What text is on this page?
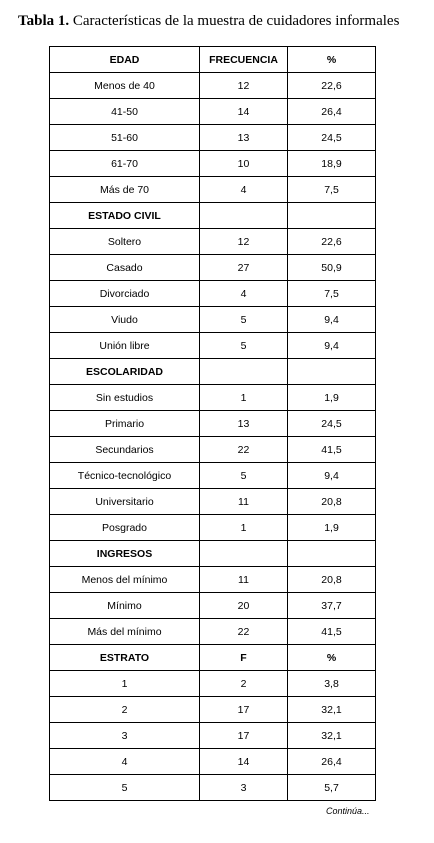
Tabla 1. Características de la muestra de cuidadores informales
EDAD	FRECUENCIA	%
Menos de 40	12	22,6
41-50	14	26,4
51-60	13	24,5
61-70	10	18,9
Más de 70	4	7,5
ESTADO CIVIL		
Soltero	12	22,6
Casado	27	50,9
Divorciado	4	7,5
Viudo	5	9,4
Unión libre	5	9,4
ESCOLARIDAD		
Sin estudios	1	1,9
Primario	13	24,5
Secundarios	22	41,5
Técnico-tecnológico	5	9,4
Universitario	11	20,8
Posgrado	1	1,9
INGRESOS		
Menos del mínimo	11	20,8
Mínimo	20	37,7
Más del mínimo	22	41,5
ESTRATO	F	%
1	2	3,8
2	17	32,1
3	17	32,1
4	14	26,4
5	3	5,7
Continúa...
